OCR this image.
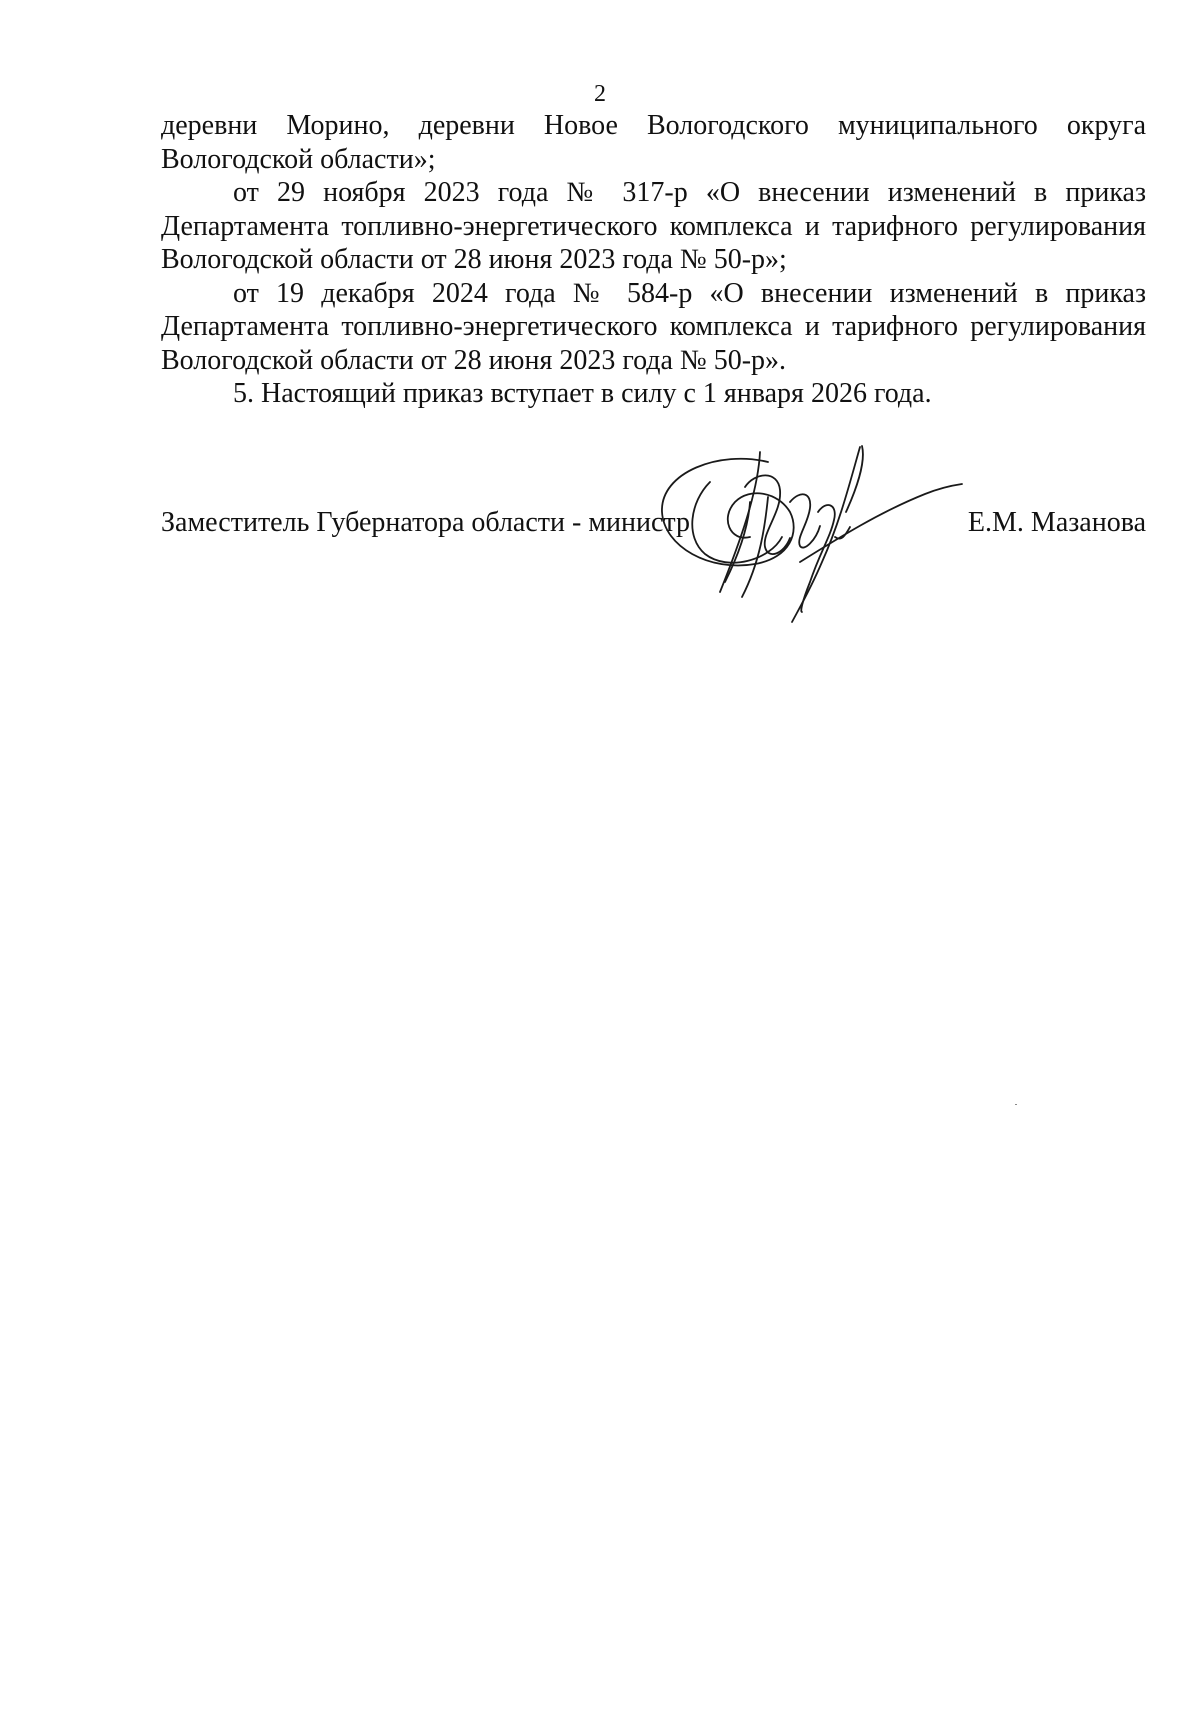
2

деревни Морино, деревни Новое Вологодского муниципального округа Вологодской области»;

от 29 ноября 2023 года № 317-р «О внесении изменений в приказ Департамента топливно-энергетического комплекса и тарифного регулирования Вологодской области от 28 июня 2023 года № 50-р»;

от 19 декабря 2024 года № 584-р «О внесении изменений в приказ Департамента топливно-энергетического комплекса и тарифного регулирования Вологодской области от 28 июня 2023 года № 50-р».

5. Настоящий приказ вступает в силу с 1 января 2026 года.

Заместитель Губернатора области - министр	Е.М. Мазанова
